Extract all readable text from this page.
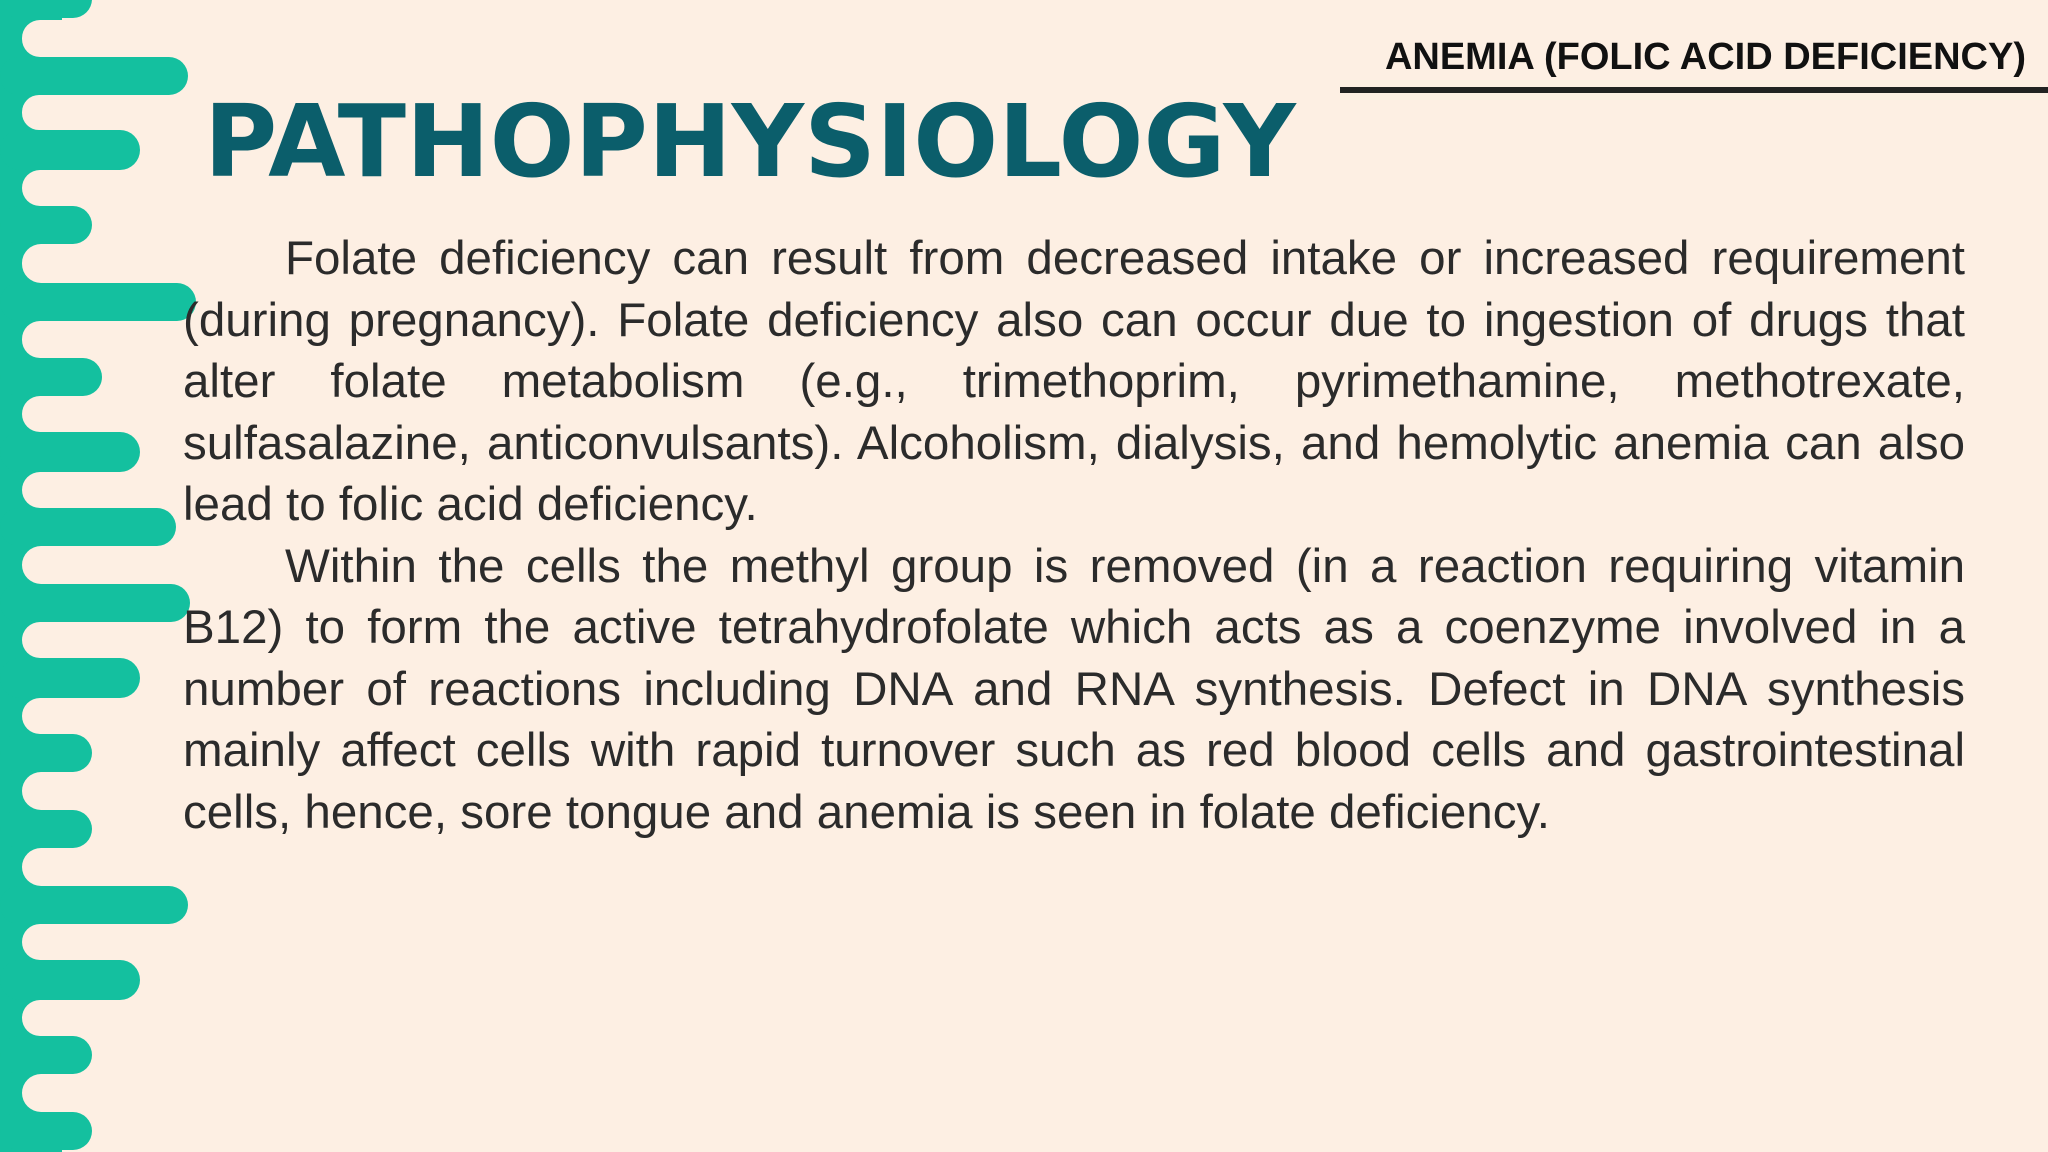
ANEMIA (FOLIC ACID DEFICIENCY)
PATHOPHYSIOLOGY

Folate deficiency can result from decreased intake or increased requirement (during pregnancy). Folate deficiency also can occur due to ingestion of drugs that alter folate metabolism (e.g., trimethoprim, pyrimethamine, methotrexate, sulfasalazine, anticonvulsants). Alcoholism, dialysis, and hemolytic anemia can also lead to folic acid deficiency.

Within the cells the methyl group is removed (in a reaction requiring vitamin B12) to form the active tetrahydrofolate which acts as a coenzyme involved in a number of reactions including DNA and RNA synthesis. Defect in DNA synthesis mainly affect cells with rapid turnover such as red blood cells and gastrointestinal cells, hence, sore tongue and anemia is seen in folate deficiency.
